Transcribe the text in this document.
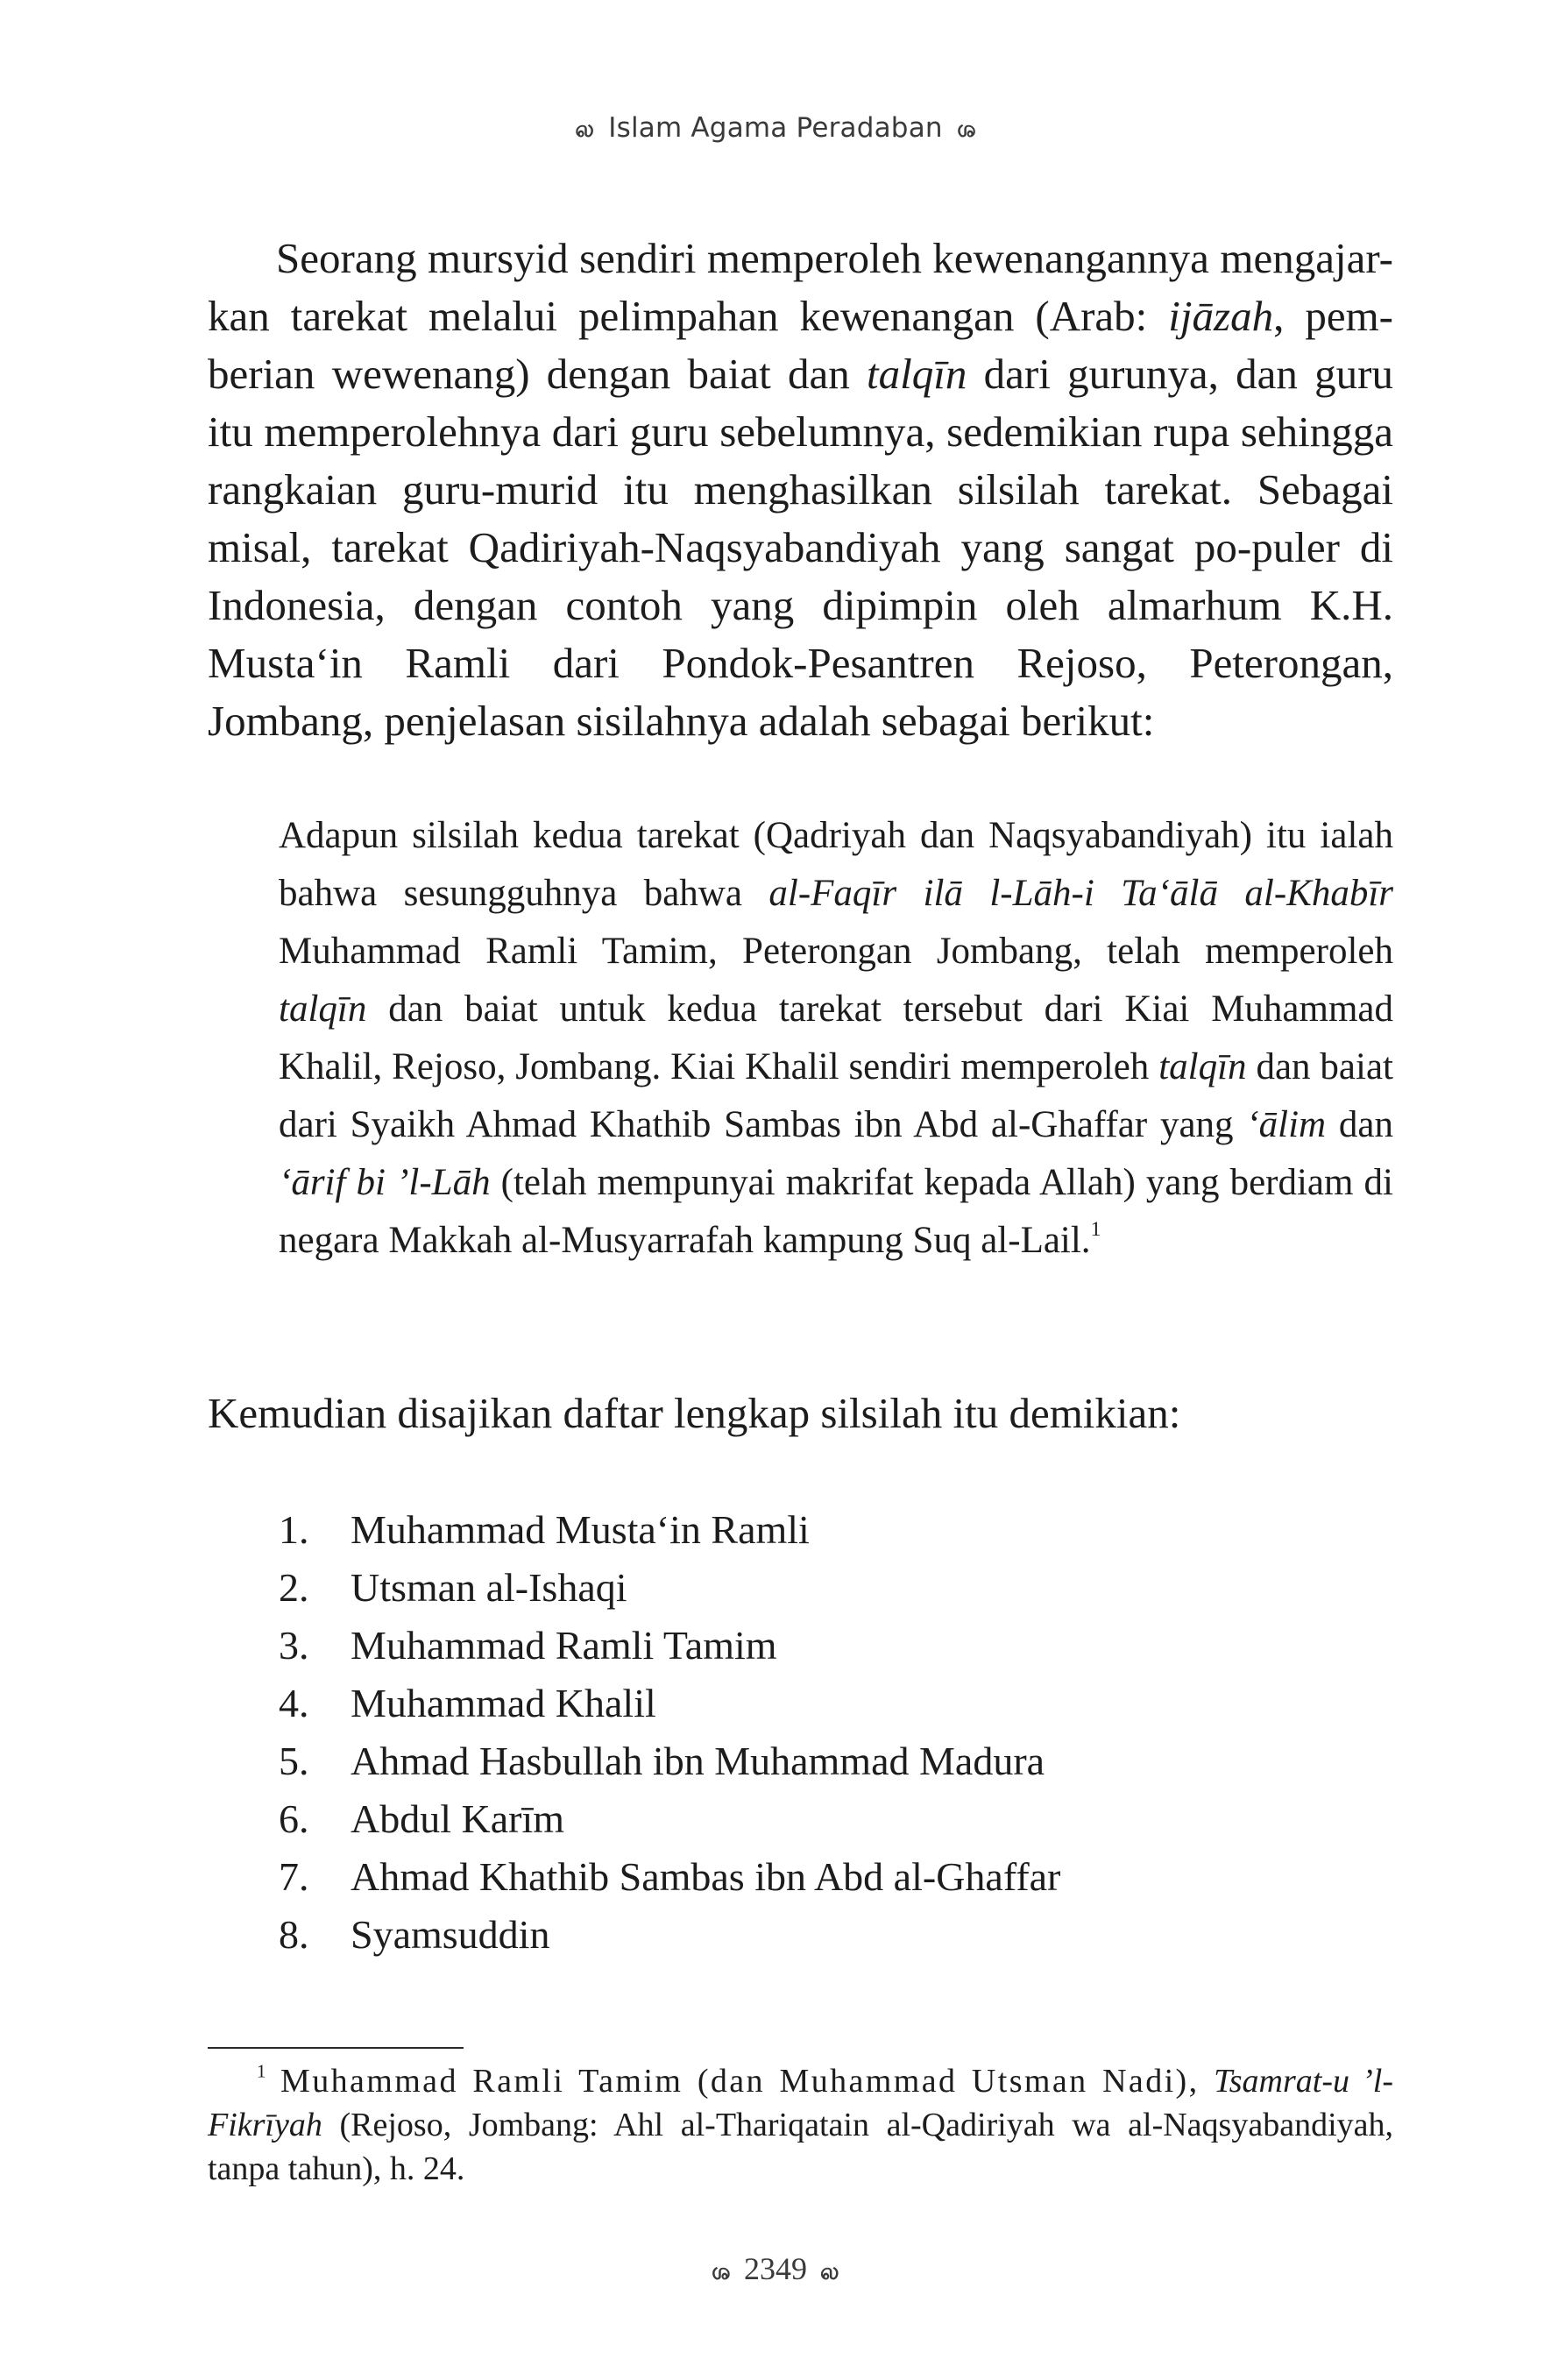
ல Islam Agama Peradaban ல
Seorang mursyid sendiri memperoleh kewenangannya mengajar-kan tarekat melalui pelimpahan kewenangan (Arab: ijāzah, pem-berian wewenang) dengan baiat dan talqīn dari gurunya, dan guru itu memperolehnya dari guru sebelumnya, sedemikian rupa sehingga rangkaian guru-murid itu menghasilkan silsilah tarekat. Sebagai misal, tarekat Qadiriyah-Naqsyabandiyah yang sangat po-puler di Indonesia, dengan contoh yang dipimpin oleh almarhum K.H. Musta‘in Ramli dari Pondok-Pesantren Rejoso, Peterongan, Jombang, penjelasan sisilahnya adalah sebagai berikut:
Adapun silsilah kedua tarekat (Qadriyah dan Naqsyabandiyah) itu ialah bahwa sesungguhnya bahwa al-Faqīr ilā l-Lāh-i Ta‘ālā al-Khabīr Muhammad Ramli Tamim, Peterongan Jombang, telah memperoleh talqīn dan baiat untuk kedua tarekat tersebut dari Kiai Muhammad Khalil, Rejoso, Jombang. Kiai Khalil sendiri memperoleh talqīn dan baiat dari Syaikh Ahmad Khathib Sambas ibn Abd al-Ghaffar yang ‘ālim dan ‘ārif bi ’l-Lāh (telah mempunyai makrifat kepada Allah) yang berdiam di negara Makkah al-Musyarrafah kampung Suq al-Lail.$^1$
Kemudian disajikan daftar lengkap silsilah itu demikian:
1.	Muhammad Musta‘in Ramli
2.	Utsman al-Ishaqi
3.	Muhammad Ramli Tamim
4.	Muhammad Khalil
5.	Ahmad Hasbullah ibn Muhammad Madura
6.	Abdul Karīm
7.	Ahmad Khathib Sambas ibn Abd al-Ghaffar
8.	Syamsuddin
$^1$ Muhammad Ramli Tamim (dan Muhammad Utsman Nadi), Tsamrat-u ’l-Fikrīyah (Rejoso, Jombang: Ahl al-Thariqatain al-Qadiriyah wa al-Naqsyabandiyah, tanpa tahun), h. 24.
ல 2349 ல
